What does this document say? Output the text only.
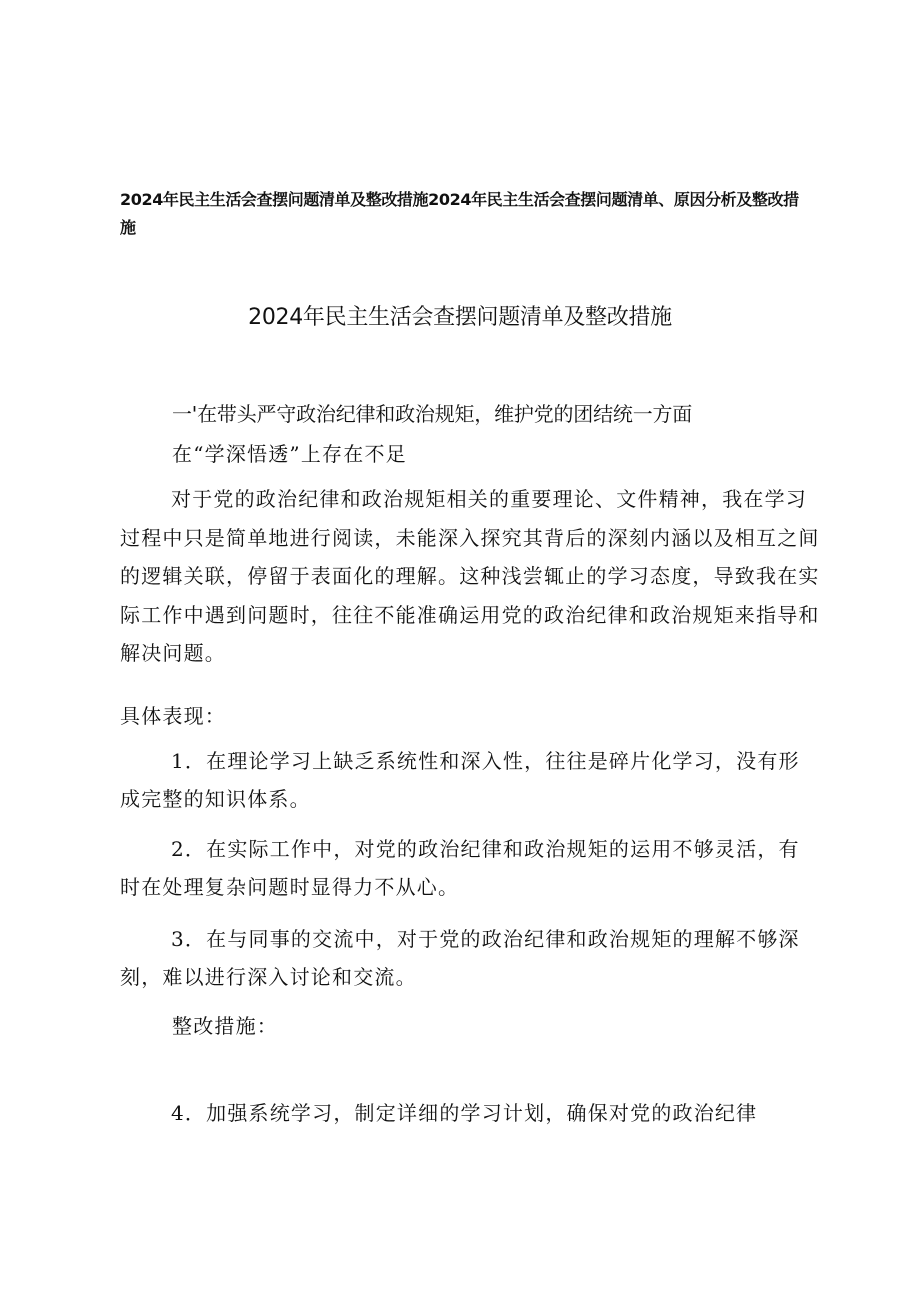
2024年民主生活会查摆问题清单及整改措施2024年民主生活会查摆问题清单、原因分析及整改措施
2024年民主生活会查摆问题清单及整改措施
一'在带头严守政治纪律和政治规矩，维护党的团结统一方面
在“学深悟透”上存在不足
对于党的政治纪律和政治规矩相关的重要理论、文件精神，我在学习过程中只是简单地进行阅读，未能深入探究其背后的深刻内涵以及相互之间的逻辑关联，停留于表面化的理解。这种浅尝辄止的学习态度，导致我在实际工作中遇到问题时，往往不能准确运用党的政治纪律和政治规矩来指导和解决问题。
具体表现：
1．在理论学习上缺乏系统性和深入性，往往是碎片化学习，没有形成完整的知识体系。
2．在实际工作中，对党的政治纪律和政治规矩的运用不够灵活，有时在处理复杂问题时显得力不从心。
3．在与同事的交流中，对于党的政治纪律和政治规矩的理解不够深刻，难以进行深入讨论和交流。
整改措施：
4．加强系统学习，制定详细的学习计划，确保对党的政治纪律
